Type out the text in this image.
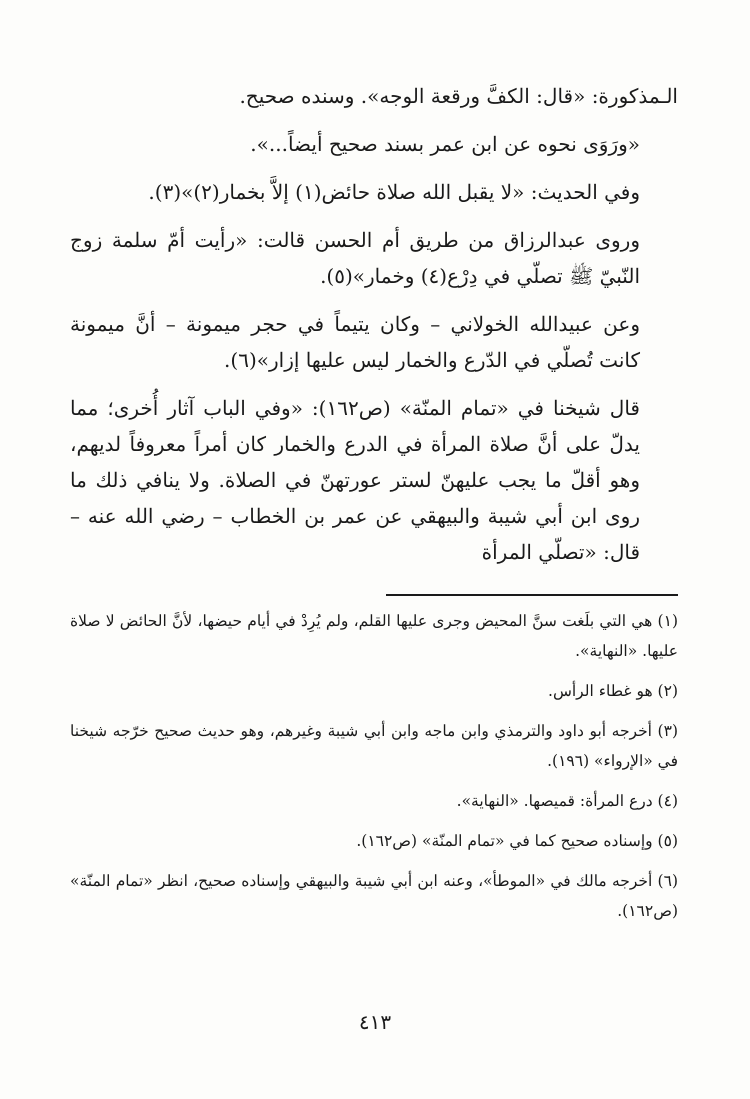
الـمذكورة: «قال: الكفَّ ورقعة الوجه». وسنده صحيح.

«ورَوَى نحوه عن ابن عمر بسند صحيح أيضاً...».

وفي الحديث: «لا يقبل الله صلاة حائض(١) إلاَّ بخمار(٢)»(٣).

وروى عبدالرزاق من طريق أم الحسن قالت: «رأيت أمّ سلمة زوج النّبيّ ﷺ تصلّي في دِرْع(٤) وخمار»(٥).

وعن عبيدالله الخولاني – وكان يتيماً في حجر ميمونة – أنَّ ميمونة كانت تُصلّي في الدّرع والخمار ليس عليها إزار»(٦).

قال شيخنا في «تمام المنّة» (ص١٦٢): «وفي الباب آثار أُخرى؛ مما يدلّ على أنَّ صلاة المرأة في الدرع والخمار كان أمراً معروفاً لديهم، وهو أقلّ ما يجب عليهنّ لستر عورتهنّ في الصلاة. ولا ينافي ذلك ما روى ابن أبي شيبة والبيهقي عن عمر بن الخطاب – رضي الله عنه – قال: «تصلّي المرأة

(١) هي التي بلَغت سنَّ المحيض وجرى عليها القلم، ولم يُرِدْ في أيام حيضها، لأنَّ الحائض لا صلاة عليها. «النهاية».

(٢) هو غطاء الرأس.

(٣) أخرجه أبو داود والترمذي وابن ماجه وابن أبي شيبة وغيرهم، وهو حديث صحيح خرّجه شيخنا في «الإرواء» (١٩٦).

(٤) درع المرأة: قميصها. «النهاية».

(٥) وإسناده صحيح كما في «تمام المنّة» (ص١٦٢).

(٦) أخرجه مالك في «الموطأ»، وعنه ابن أبي شيبة والبيهقي وإسناده صحيح، انظر «تمام المنّة» (ص١٦٢).

٤١٣
